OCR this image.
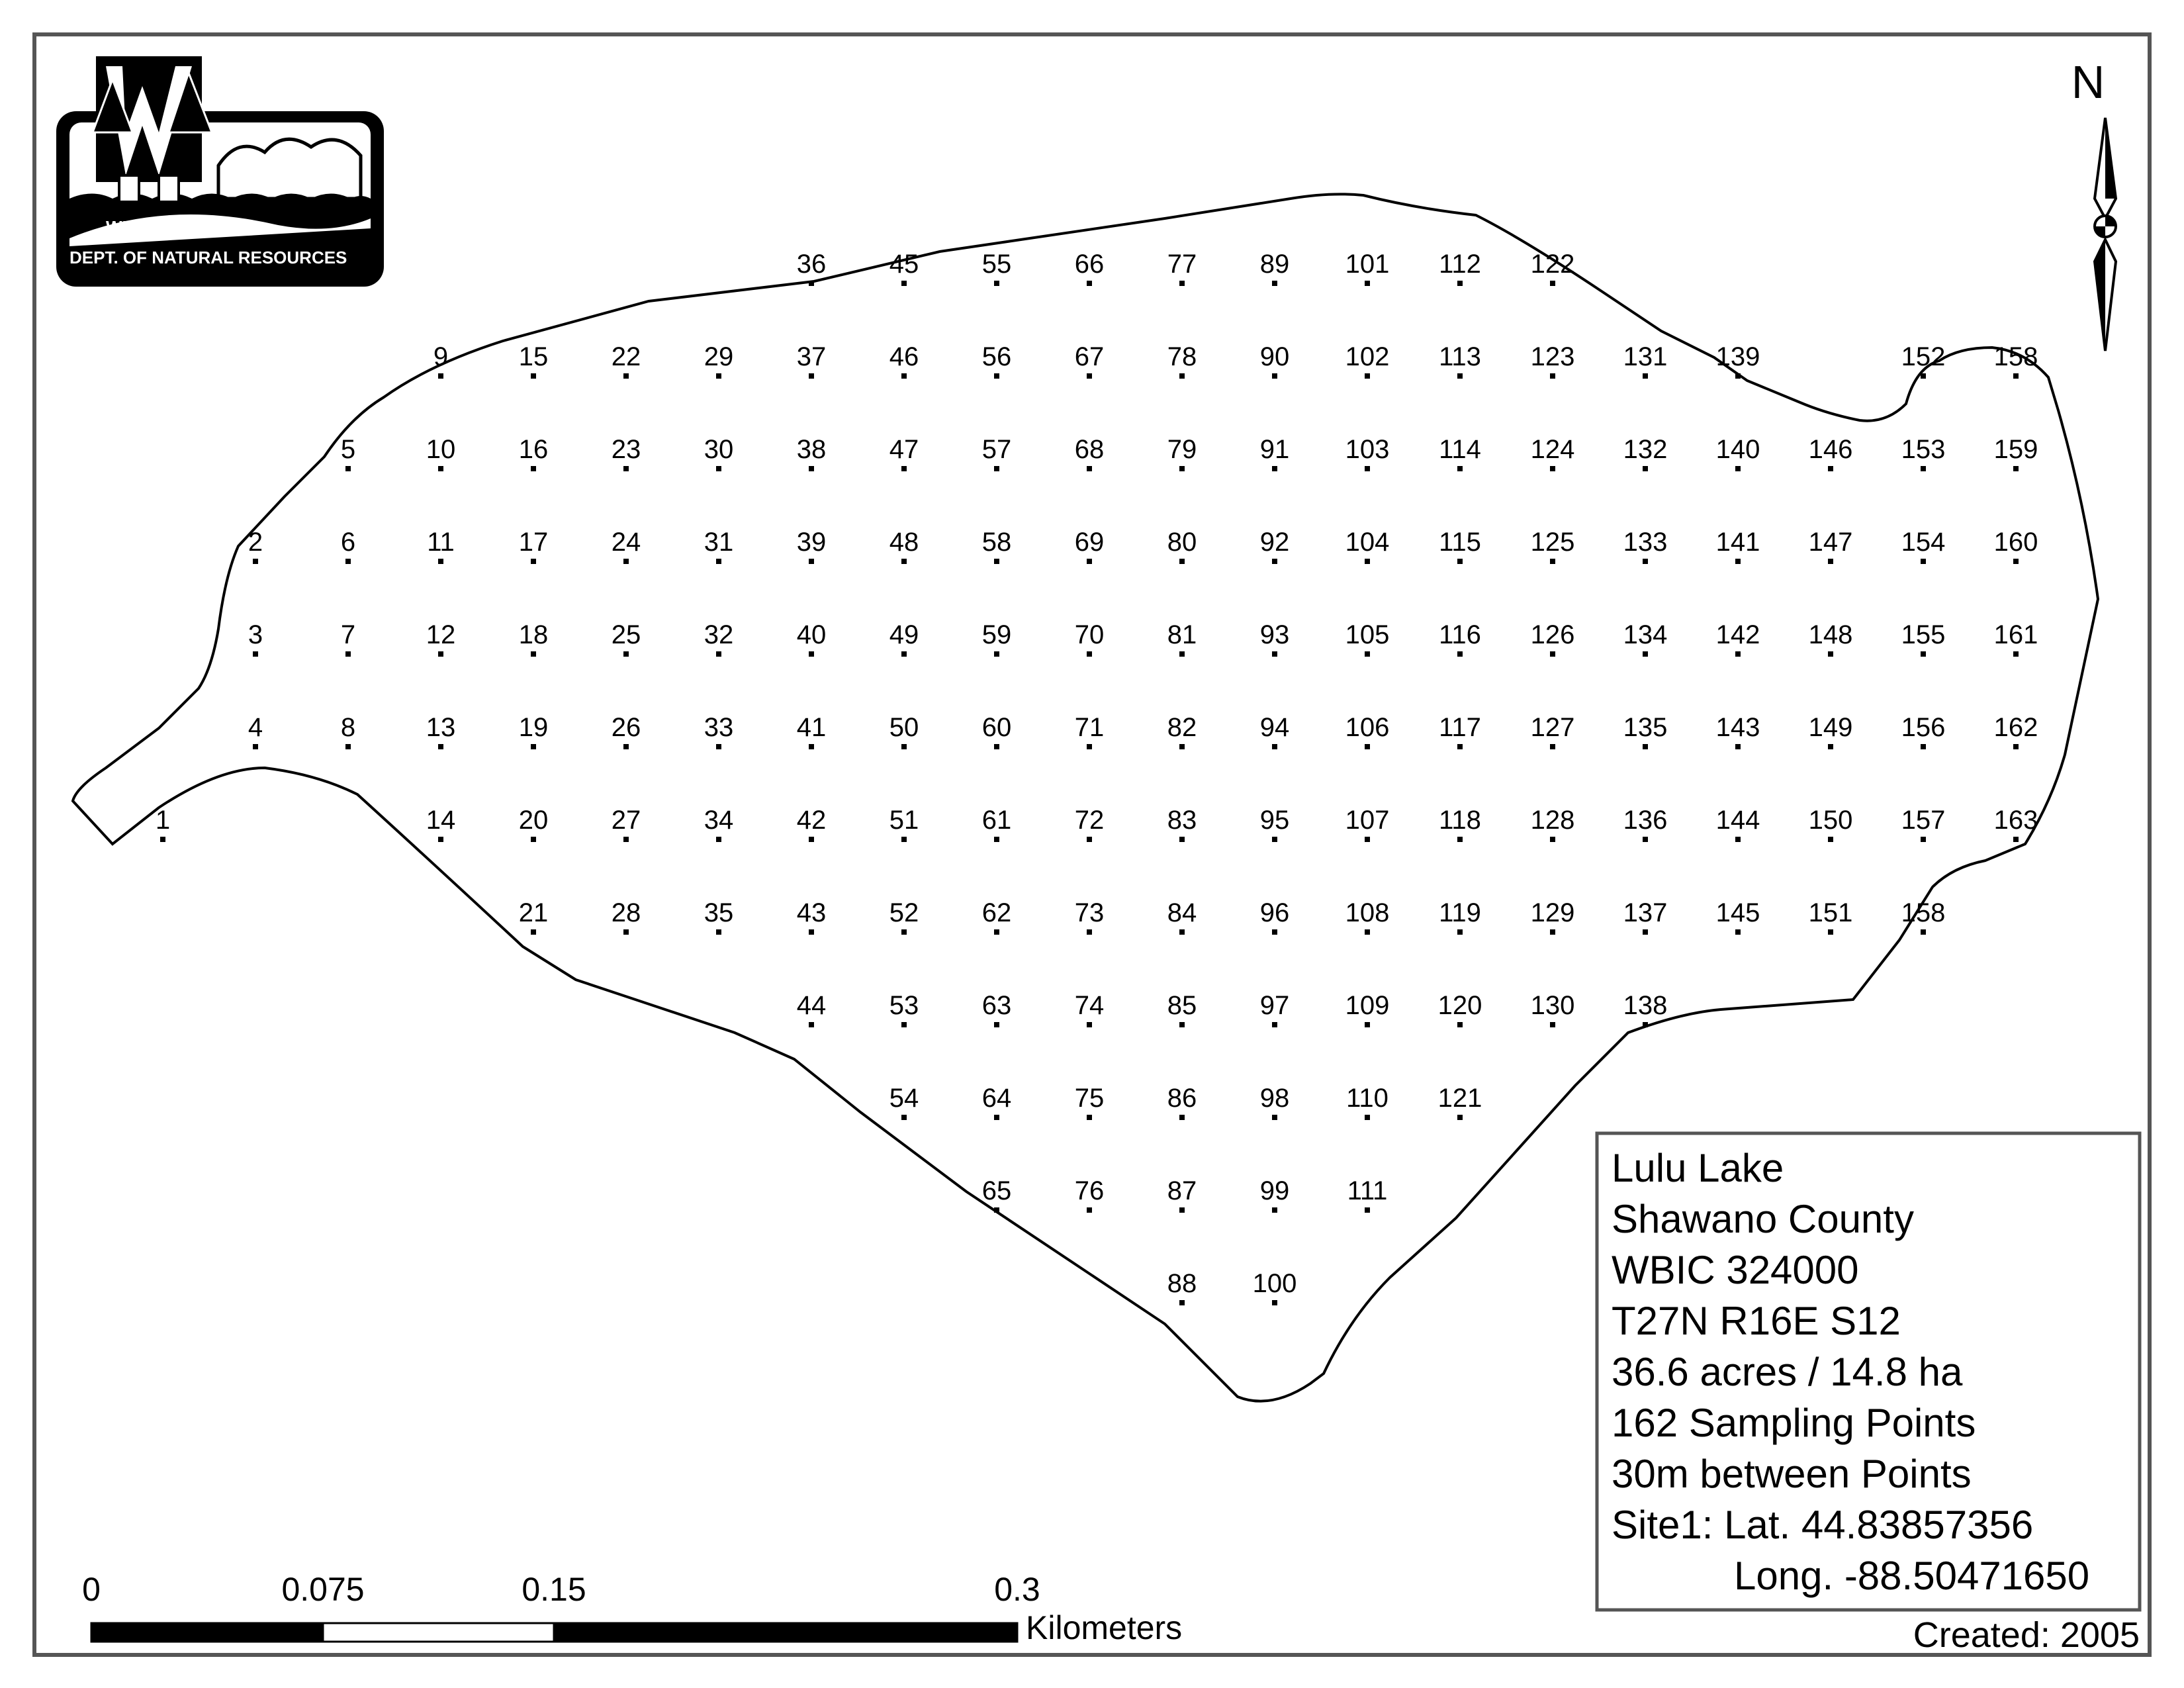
1
2
3
4
5
6
7
8
9
10
11
12
13
14
15
16
17
18
19
20
21
22
23
24
25
26
27
28
29
30
31
32
33
34
35
36
37
38
39
40
41
42
43
44
45
46
47
48
49
50
51
52
53
54
55
56
57
58
59
60
61
62
63
64
65
66
67
68
69
70
71
72
73
74
75
76
77
78
79
80
81
82
83
84
85
86
87
88
89
90
91
92
93
94
95
96
97
98
99
100
101
102
103
104
105
106
107
108
109
110
111
112
113
114
115
116
117
118
119
120
121
122
123
124
125
126
127
128
129
130
131
132
133
134
135
136
137
138
139
140
141
142
143
144
145
146
147
148
149
150
151
152
153
154
155
156
157
158
158
159
160
161
162
163
WISCONSIN
DEPT. OF NATURAL RESOURCES
N
Lulu Lake
Shawano County
WBIC 324000
T27N R16E S12
36.6 acres / 14.8 ha
162 Sampling Points
30m between Points
Site1: Lat. 44.83857356
Long. -88.50471650
Created: 2005
0	0.075	0.15	0.3
Kilometers
